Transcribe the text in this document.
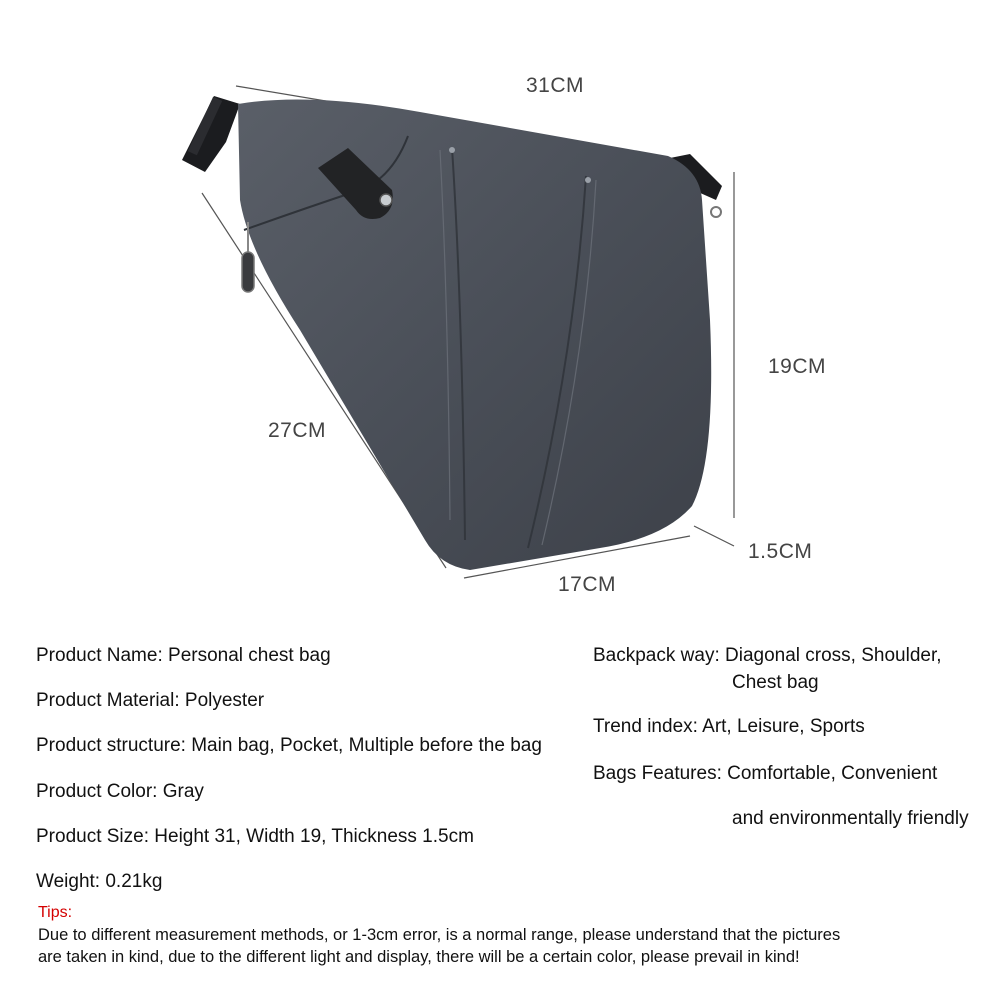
31CM
27CM
19CM
17CM
1.5CM
Product Name: Personal chest bag
Product Material: Polyester
Product structure: Main bag, Pocket, Multiple before the bag
Product Color: Gray
Product Size: Height 31, Width 19, Thickness 1.5cm
Weight: 0.21kg
Backpack way: Diagonal cross, Shoulder,
Chest bag
Trend index: Art, Leisure, Sports
Bags Features: Comfortable, Convenient
and environmentally friendly
Tips:
Due to different measurement methods, or 1-3cm error, is a normal range, please understand that the pictures
are taken in kind, due to the different light and display, there will be a certain color, please prevail in kind!
